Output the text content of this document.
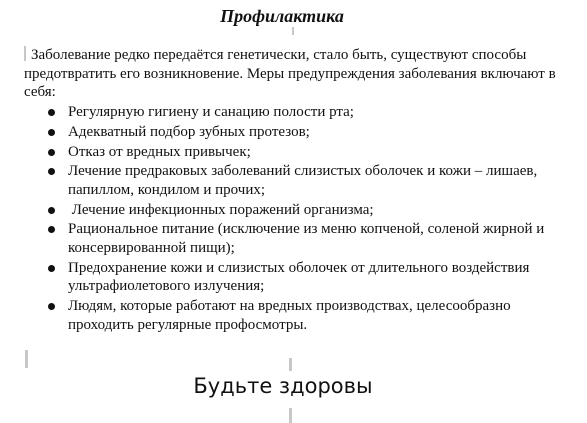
Профилактика

Заболевание редко передаётся генетически, стало быть, существуют способы предотвратить его возникновение. Меры предупреждения заболевания включают в себя:

Регулярную гигиену и санацию полости рта;
Адекватный подбор зубных протезов;
Отказ от вредных привычек;
Лечение предраковых заболеваний слизистых оболочек и кожи – лишаев, папиллом, кондилом и прочих;
Лечение инфекционных поражений организма;
Рациональное питание (исключение из меню копченой, соленой жирной и консервированной пищи);
Предохранение кожи и слизистых оболочек от длительного воздействия ультрафиолетового излучения;
Людям, которые работают на вредных производствах, целесообразно проходить регулярные профосмотры.
Будьте здоровы
